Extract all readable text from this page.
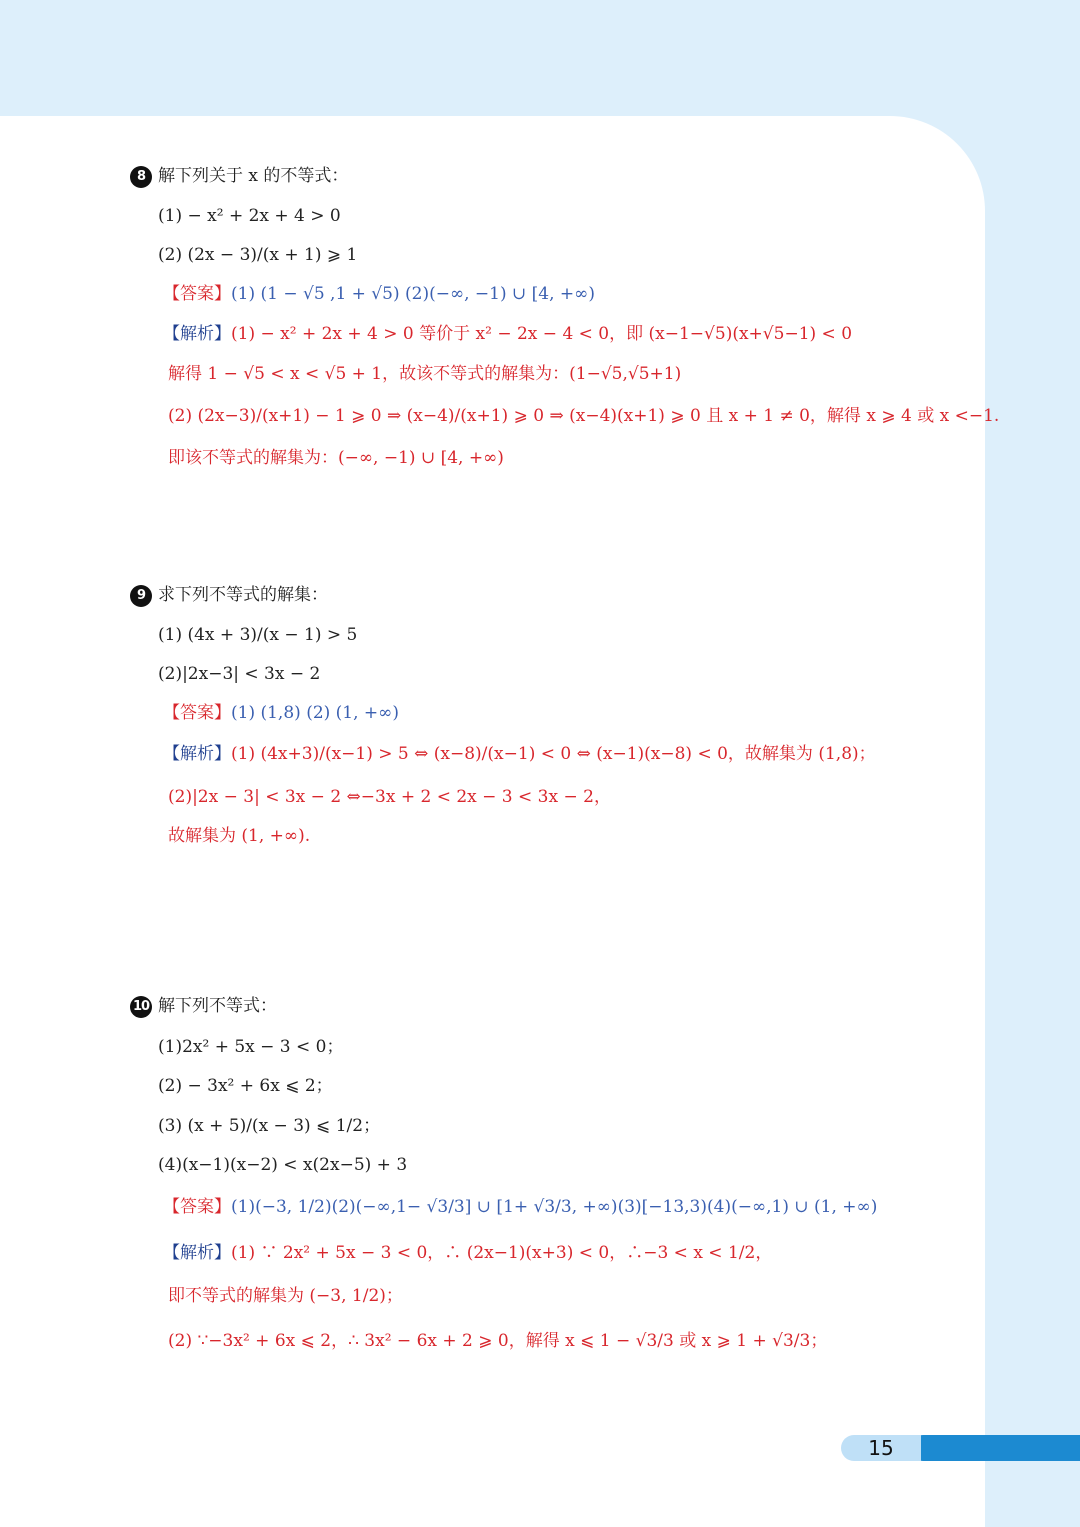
8 解下列关于 x 的不等式：
(1) − x² + 2x + 4 > 0
(2) (2x − 3)/(x + 1) ⩾ 1
【答案】(1) (1 − √5 ,1 + √5) (2)(−∞, −1) ∪ [4, +∞)
【解析】(1) − x² + 2x + 4 > 0 等价于 x² − 2x − 4 < 0，即 (x−1−√5)(x+√5−1) < 0
解得 1 − √5 < x < √5 + 1，故该不等式的解集为：(1−√5,√5+1)
(2) (2x−3)/(x+1) − 1 ⩾ 0 ⇒ (x−4)/(x+1) ⩾ 0 ⇒ (x−4)(x+1) ⩾ 0 且 x + 1 ≠ 0，解得 x ⩾ 4 或 x <−1.
即该不等式的解集为：(−∞, −1) ∪ [4, +∞)
9 求下列不等式的解集：
(1) (4x + 3)/(x − 1) > 5
(2)|2x−3| < 3x − 2
【答案】(1) (1,8) (2) (1, +∞)
【解析】(1) (4x+3)/(x−1) > 5 ⇔ (x−8)/(x−1) < 0 ⇔ (x−1)(x−8) < 0，故解集为 (1,8)；
(2)|2x − 3| < 3x − 2 ⇔−3x + 2 < 2x − 3 < 3x − 2，
故解集为 (1, +∞).
10 解下列不等式：
(1)2x² + 5x − 3 < 0；
(2) − 3x² + 6x ⩽ 2；
(3) (x + 5)/(x − 3) ⩽ 1/2；
(4)(x−1)(x−2) < x(2x−5) + 3
【答案】(1)(−3, 1/2)(2)(−∞,1− √3/3] ∪ [1+ √3/3, +∞)(3)[−13,3)(4)(−∞,1) ∪ (1, +∞)
【解析】(1) ∵ 2x² + 5x − 3 < 0，∴ (2x−1)(x+3) < 0，∴−3 < x < 1/2，
即不等式的解集为 (−3, 1/2)；
(2) ∵−3x² + 6x ⩽ 2，∴ 3x² − 6x + 2 ⩾ 0，解得 x ⩽ 1 − √3/3 或 x ⩾ 1 + √3/3；
15
